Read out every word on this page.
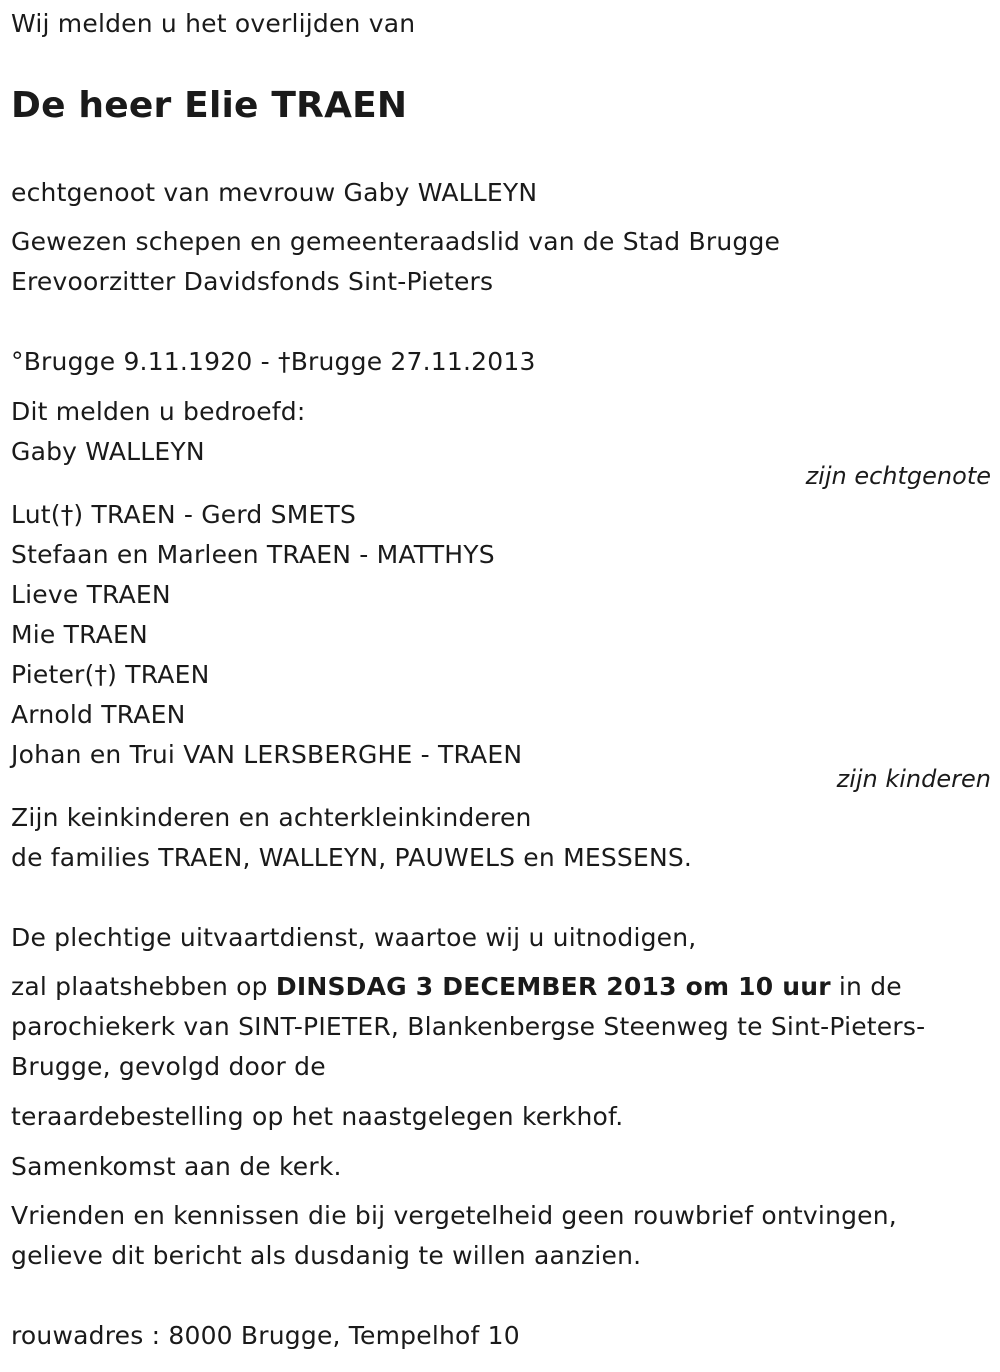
Wij melden u het overlijden van
De heer Elie TRAEN
echtgenoot van mevrouw Gaby WALLEYN
Gewezen schepen en gemeenteraadslid van de Stad Brugge
Erevoorzitter Davidsfonds Sint-Pieters
°Brugge 9.11.1920 - †Brugge 27.11.2013
Dit melden u bedroefd:
Gaby WALLEYN
zijn echtgenote
Lut(†) TRAEN - Gerd SMETS
Stefaan en Marleen TRAEN - MATTHYS
Lieve TRAEN
Mie TRAEN
Pieter(†) TRAEN
Arnold TRAEN
Johan en Trui VAN LERSBERGHE - TRAEN
zijn kinderen
Zijn keinkinderen en achterkleinkinderen
de families TRAEN, WALLEYN, PAUWELS en MESSENS.
De plechtige uitvaartdienst, waartoe wij u uitnodigen,
zal plaatshebben op DINSDAG 3 DECEMBER 2013 om 10 uur in de
parochiekerk van SINT-PIETER, Blankenbergse Steenweg te Sint-Pieters-
Brugge, gevolgd door de
teraardebestelling op het naastgelegen kerkhof.
Samenkomst aan de kerk.
Vrienden en kennissen die bij vergetelheid geen rouwbrief ontvingen,
gelieve dit bericht als dusdanig te willen aanzien.
rouwadres : 8000 Brugge, Tempelhof 10
